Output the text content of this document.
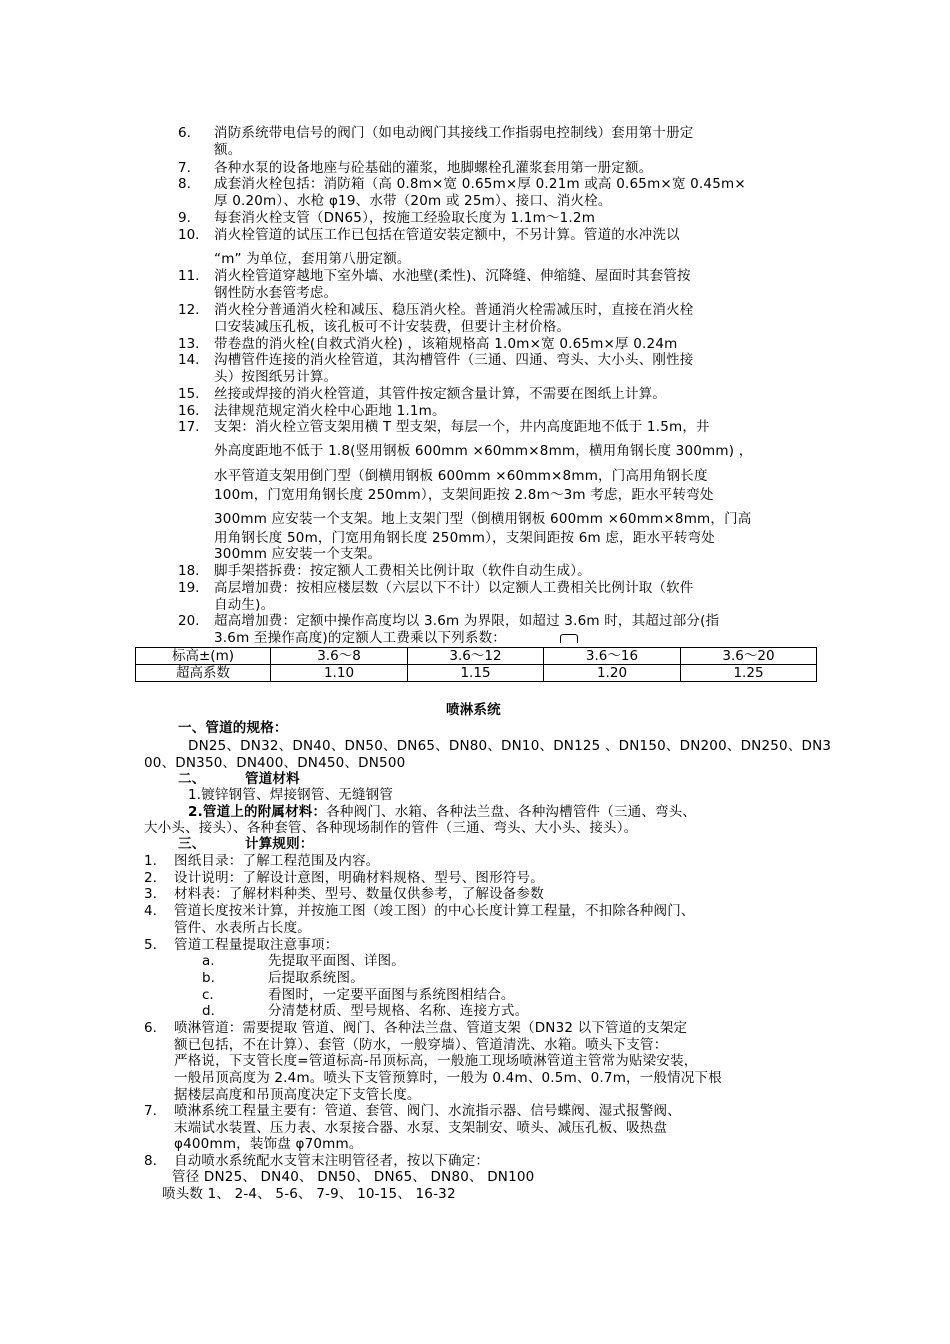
6. 消防系统带电信号的阀门（如电动阀门其接线工作指弱电控制线）套用第十册定
额。
7. 各种水泵的设备地座与砼基础的灌浆，地脚螺栓孔灌浆套用第一册定额。
8. 成套消火栓包括：消防箱（高 0.8m×宽 0.65m×厚 0.21m 或高 0.65m×宽 0.45m×
厚 0.20m）、水枪 φ19、水带（20m 或 25m）、接口、消火栓。
9. 每套消火栓支管（DN65），按施工经验取长度为 1.1m～1.2m
10. 消火栓管道的试压工作已包括在管道安装定额中，不另计算。管道的水冲洗以
“m” 为单位，套用第八册定额。
11. 消火栓管道穿越地下室外墙、水池壁(柔性)、沉降缝、伸缩缝、屋面时其套管按
钢性防水套管考虑。
12. 消火栓分普通消火栓和减压、稳压消火栓。普通消火栓需减压时，直接在消火栓
口安装减压孔板，该孔板可不计安装费，但要计主材价格。
13. 带卷盘的消火栓(自救式消火栓) ，该箱规格高 1.0m×宽 0.65m×厚 0.24m
14. 沟槽管件连接的消火栓管道，其沟槽管件（三通、四通、弯头、大小头、刚性接
头）按图纸另计算。
15. 丝接或焊接的消火栓管道，其管件按定额含量计算，不需要在图纸上计算。
16. 法律规范规定消火栓中心距地 1.1m。
17. 支架：消火栓立管支架用横 T 型支架，每层一个，井内高度距地不低于 1.5m，井
外高度距地不低于 1.8(竖用钢板 600mm ×60mm×8mm，横用角钢长度 300mm) ，
水平管道支架用倒门型（倒横用钢板 600mm ×60mm×8mm，门高用角钢长度
100m，门宽用角钢长度 250mm），支架间距按 2.8m～3m 考虑，距水平转弯处
300mm 应安装一个支架。地上支架门型（倒横用钢板 600mm ×60mm×8mm，门高
用角钢长度 50m，门宽用角钢长度 250mm），支架间距按 6m 虑，距水平转弯处
300mm 应安装一个支架。
18. 脚手架搭拆费：按定额人工费相关比例计取（软件自动生成）。
19. 高层增加费：按相应楼层数（六层以下不计）以定额人工费相关比例计取（软件
自动生)。
20. 超高增加费：定额中操作高度均以 3.6m 为界限，如超过 3.6m 时，其超过部分(指
3.6m 至操作高度)的定额人工费乘以下列系数：
标高±(m)	3.6～8	3.6～12	3.6～16	3.6～20
超高系数	1.10	1.15	1.20	1.25
喷淋系统
一、管道的规格：
DN25、DN32、DN40、DN50、DN65、DN80、DN10、DN125 、DN150、DN200、DN250、DN3
00、DN350、DN400、DN450、DN500
二、	管道材料
1.镀锌钢管、焊接钢管、无缝钢管
2.管道上的附属材料：各种阀门、水箱、各种法兰盘、各种沟槽管件（三通、弯头、
大小头、接头）、各种套管、各种现场制作的管件（三通、弯头、大小头、接头）。
三、	计算规则：
1. 图纸目录：了解工程范围及内容。
2. 设计说明：了解设计意图，明确材料规格、型号、图形符号。
3. 材料表：了解材料种类、型号、数量仅供参考，了解设备参数
4. 管道长度按米计算，并按施工图（竣工图）的中心长度计算工程量，不扣除各种阀门、
管件、水表所占长度。
5. 管道工程量提取注意事项：
a.	先提取平面图、详图。
b.	后提取系统图。
c.	看图时，一定要平面图与系统图相结合。
d.	分清楚材质、型号规格、名称、连接方式。
6. 喷淋管道：需要提取 管道、阀门、各种法兰盘、管道支架（DN32 以下管道的支架定
额已包括，不在计算）、套管（防水，一般穿墙）、管道清洗、水箱。喷头下支管：
严格说，下支管长度=管道标高-吊顶标高，一般施工现场喷淋管道主管常为贴梁安装，
一般吊顶高度为 2.4m。喷头下支管预算时，一般为 0.4m、0.5m、0.7m，一般情况下根
据楼层高度和吊顶高度决定下支管长度。
7. 喷淋系统工程量主要有：管道、套管、阀门、水流指示器、信号蝶阀、湿式报警阀、
末端试水装置、压力表、水泵接合器、水泵、支架制安、喷头、减压孔板、吸热盘
φ400mm，装饰盘 φ70mm。
8. 自动喷水系统配水支管末注明管径者，按以下确定：
管径 DN25、 DN40、 DN50、 DN65、 DN80、 DN100
喷头数 1、 2-4、 5-6、 7-9、 10-15、 16-32
